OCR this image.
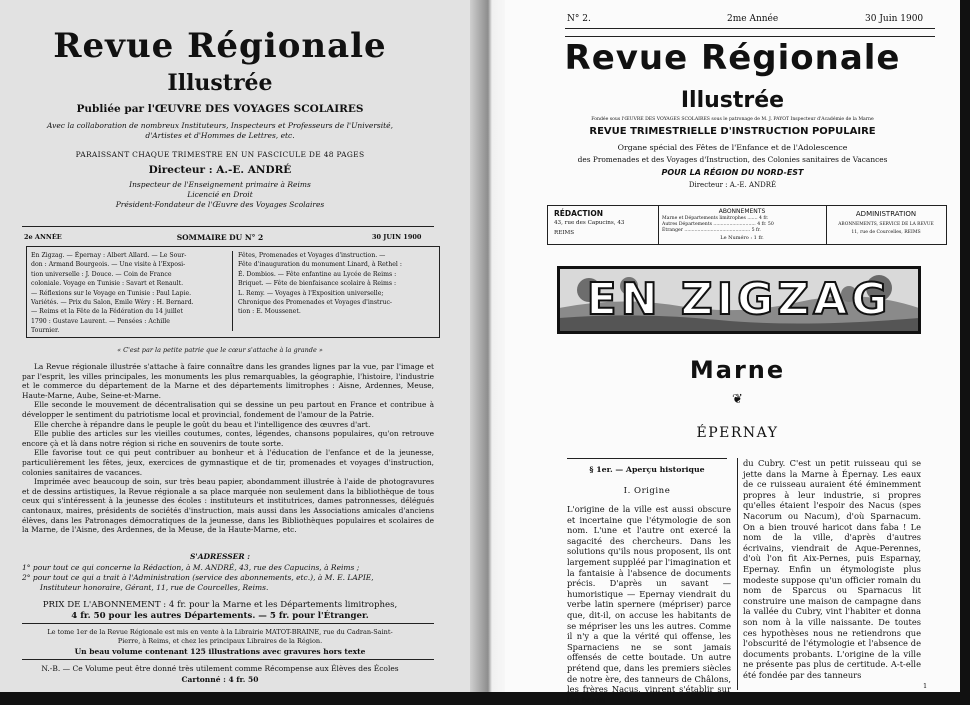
Revue Régionale
Illustrée
Publiée par l'ŒUVRE DES VOYAGES SCOLAIRES
Avec la collaboration de nombreux Instituteurs, Inspecteurs et Professeurs de l'Université,
d'Artistes et d'Hommes de Lettres, etc.
PARAISSANT CHAQUE TRIMESTRE EN UN FASCICULE DE 48 PAGES
Directeur : A.-E. ANDRÉ
Inspecteur de l'Enseignement primaire à Reims
Licencié en Droit
Président-Fondateur de l'Œuvre des Voyages Scolaires
2e ANNÉE	SOMMAIRE DU N° 2	30 JUIN 1900
En Zigzag. — Épernay : Albert Allard. — Le Sour-
don : Armand Bourgeois. — Une visite à l'Exposi-
tion universelle : J. Douce. — Coin de France
coloniale. Voyage en Tunisie : Savart et Renault.
— Réflexions sur le Voyage en Tunisie : Paul Lapie.
Variétés. — Prix du Salon, Emile Wéry : H. Bernard.
— Reims et la Fête de la Fédération du 14 juillet
1790 : Gustave Laurent. — Pensées : Achille
Tournier.
Fêtes, Promenades et Voyages d'instruction. —
Fête d'inauguration du monument Linard, à Rethel :
É. Dombios. — Fête enfantine au Lycée de Reims :
Briquet. — Fête de bienfaisance scolaire à Reims :
L. Remy. — Voyages à l'Exposition universelle;
Chronique des Promenades et Voyages d'instruc-
tion : E. Moussenet.
« C'est par la petite patrie que le cœur s'attache à la grande »

La Revue régionale illustrée s'attache à faire connaître dans les grandes lignes par la vue, par l'image et par l'esprit, les villes principales, les monuments les plus remarquables, la géographie, l'histoire, l'industrie et le commerce du département de la Marne et des départements limitrophes : Aisne, Ardennes, Meuse, Haute-Marne, Aube, Seine-et-Marne.

Elle seconde le mouvement de décentralisation qui se dessine un peu partout en France et contribue à développer le sentiment du patriotisme local et provincial, fondement de l'amour de la Patrie.

Elle cherche à répandre dans le peuple le goût du beau et l'intelligence des œuvres d'art.

Elle publie des articles sur les vieilles coutumes, contes, légendes, chansons populaires, qu'on retrouve encore çà et là dans notre région si riche en souvenirs de toute sorte.

Elle favorise tout ce qui peut contribuer au bonheur et à l'éducation de l'enfance et de la jeunesse, particulièrement les fêtes, jeux, exercices de gymnastique et de tir, promenades et voyages d'instruction, colonies sanitaires de vacances.

Imprimée avec beaucoup de soin, sur très beau papier, abondamment illustrée à l'aide de photogravures et de dessins artistiques, la Revue régionale a sa place marquée non seulement dans la bibliothèque de tous ceux qui s'intéressent à la jeunesse des écoles : instituteurs et institutrices, dames patronnesses, délégués cantonaux, maires, présidents de sociétés d'instruction, mais aussi dans les Associations amicales d'anciens élèves, dans les Patronages démocratiques de la jeunesse, dans les Bibliothèques populaires et scolaires de la Marne, de l'Aisne, des Ardennes, de la Meuse, de la Haute-Marne, etc.

S'ADRESSER :
1° pour tout ce qui concerne la Rédaction, à M. ANDRÉ, 43, rue des Capucins, à Reims ;
2° pour tout ce qui a trait à l'Administration (service des abonnements, etc.), à M. E. LAPIE,
Instituteur honoraire, Gérant, 11, rue de Courcelles, Reims.
PRIX DE L'ABONNEMENT : 4 fr. pour la Marne et les Départements limitrophes,
4 fr. 50 pour les autres Départements. — 5 fr. pour l'Étranger.
Le tome 1er de la Revue Régionale est mis en vente à la Librairie MATOT-BRAINE, rue du Cadran-Saint-
Pierre, à Reims, et chez les principaux Libraires de la Région.
Un beau volume contenant 125 illustrations avec gravures hors texte
N.-B. — Ce Volume peut être donné très utilement comme Récompense aux Élèves des Écoles
Cartonné : 4 fr. 50
N° 2.	2me Année	30 Juin 1900
Revue Régionale
Illustrée
Fondée sous l'ŒUVRE DES VOYAGES SCOLAIRES sous le patronage de M. J. PAYOT Inspecteur d'Académie de la Marne
REVUE TRIMESTRIELLE D'INSTRUCTION POPULAIRE
Organe spécial des Fêtes de l'Enfance et de l'Adolescence
des Promenades et des Voyages d'Instruction, des Colonies sanitaires de Vacances
POUR LA RÉGION DU NORD-EST
Directeur : A.-E. ANDRÉ
RÉDACTION
43, rue des Capucins, 43
REIMS
ABONNEMENTS
Marne et Départements limitrophes ....... 4 fr.
Autres Départements ............................. 4 fr. 50
Étranger ............................................. 5 fr.
Le Numéro : 1 fr.
ADMINISTRATION
ABONNEMENTS, SERVICE DE LA REVUE
11, rue de Courcelles, REIMS
EN ZIGZAG
Marne
❦
ÉPERNAY
§ 1er. — Aperçu historique
I. Origine
L'origine de la ville est aussi obscure et incertaine que l'étymologie de son nom. L'une et l'autre ont exercé la sagacité des chercheurs. Dans les solutions qu'ils nous proposent, ils ont largement suppléé par l'imagination et la fantaisie à l'absence de documents précis. D'après un savant — humoristique — Epernay viendrait du verbe latin spernere (mépriser) parce que, dit-il, on accuse les habitants de se mépriser les uns les autres. Comme il n'y a que la vérité qui offense, les Sparnaciens ne se sont jamais offensés de cette boutade. Un autre prétend que, dans les premiers siècles de notre ère, des tanneurs de Châlons, les frères Nacus, vinrent s'établir sur les bords
du Cubry. C'est un petit ruisseau qui se jette dans la Marne à Épernay. Les eaux de ce ruisseau auraient été éminemment propres à leur industrie, si propres qu'elles étaient l'espoir des Nacus (spes Nacorum ou Nacum), d'où Sparnacum. On a bien trouvé haricot dans faba ! Le nom de la ville, d'après d'autres écrivains, viendrait de Aque-Perennes, d'où l'on fit Aix-Pernes, puis Esparnay, Epernay. Enfin un étymologiste plus modeste suppose qu'un officier romain du nom de Sparcus ou Sparnacus lit construire une maison de campagne dans la vallée du Cubry, vint l'habiter et donna son nom à la ville naissante. De toutes ces hypothèses nous ne retiendrons que l'obscurité de l'étymologie et l'absence de documents probants. L'origine de la ville ne présente pas plus de certitude. A-t-elle été fondée par des tanneurs
1
